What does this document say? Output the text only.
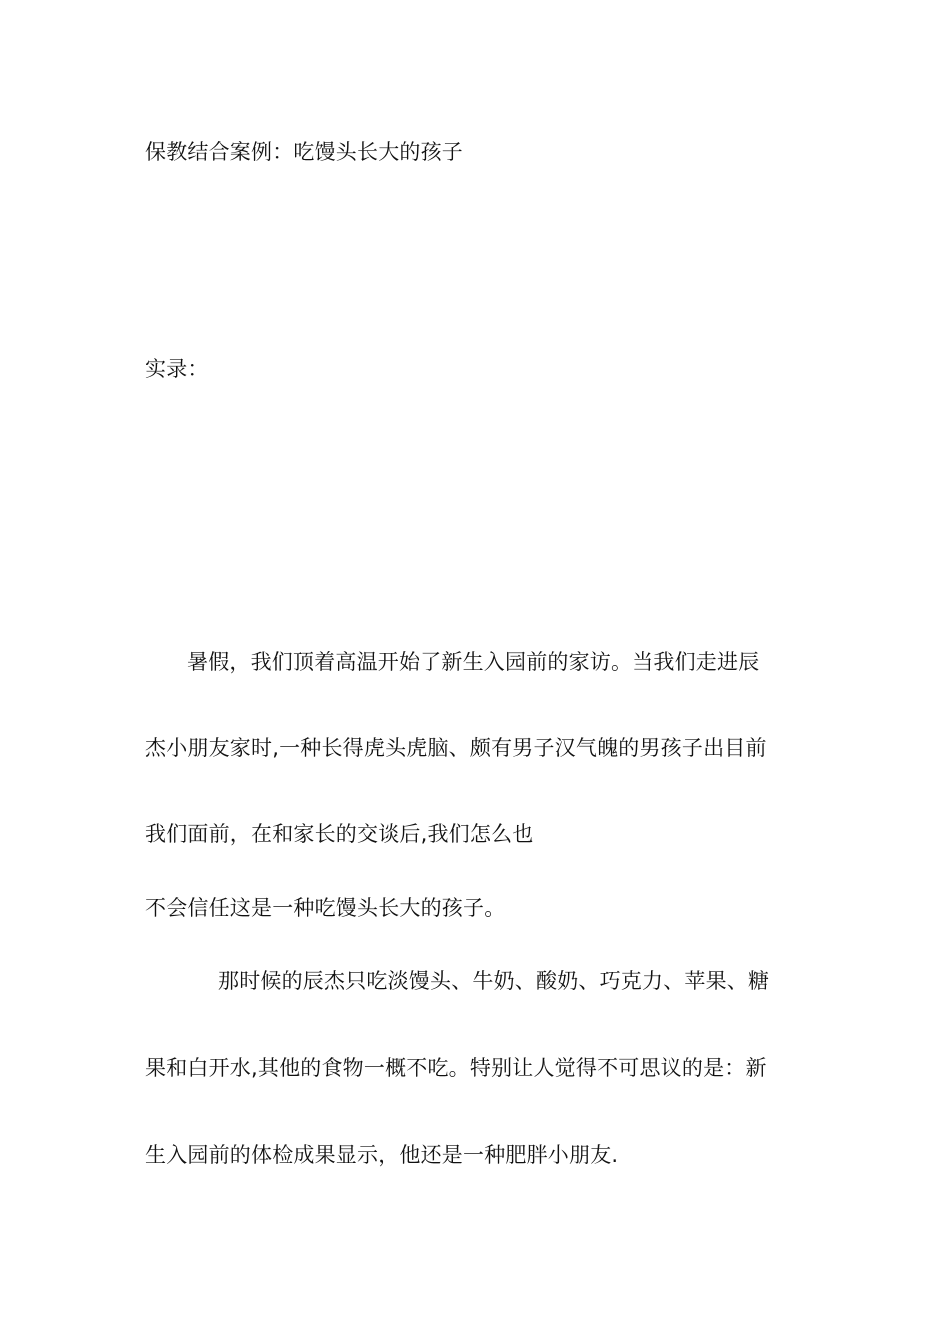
保教结合案例：吃馒头长大的孩子
实录：
暑假，我们顶着高温开始了新生入园前的家访。当我们走进辰
杰小朋友家时,一种长得虎头虎脑、颇有男子汉气魄的男孩子出目前
我们面前，在和家长的交谈后,我们怎么也
不会信任这是一种吃馒头长大的孩子。
那时候的辰杰只吃淡馒头、牛奶、酸奶、巧克力、苹果、糖
果和白开水,其他的食物一概不吃。特别让人觉得不可思议的是：新
生入园前的体检成果显示，他还是一种肥胖小朋友.
